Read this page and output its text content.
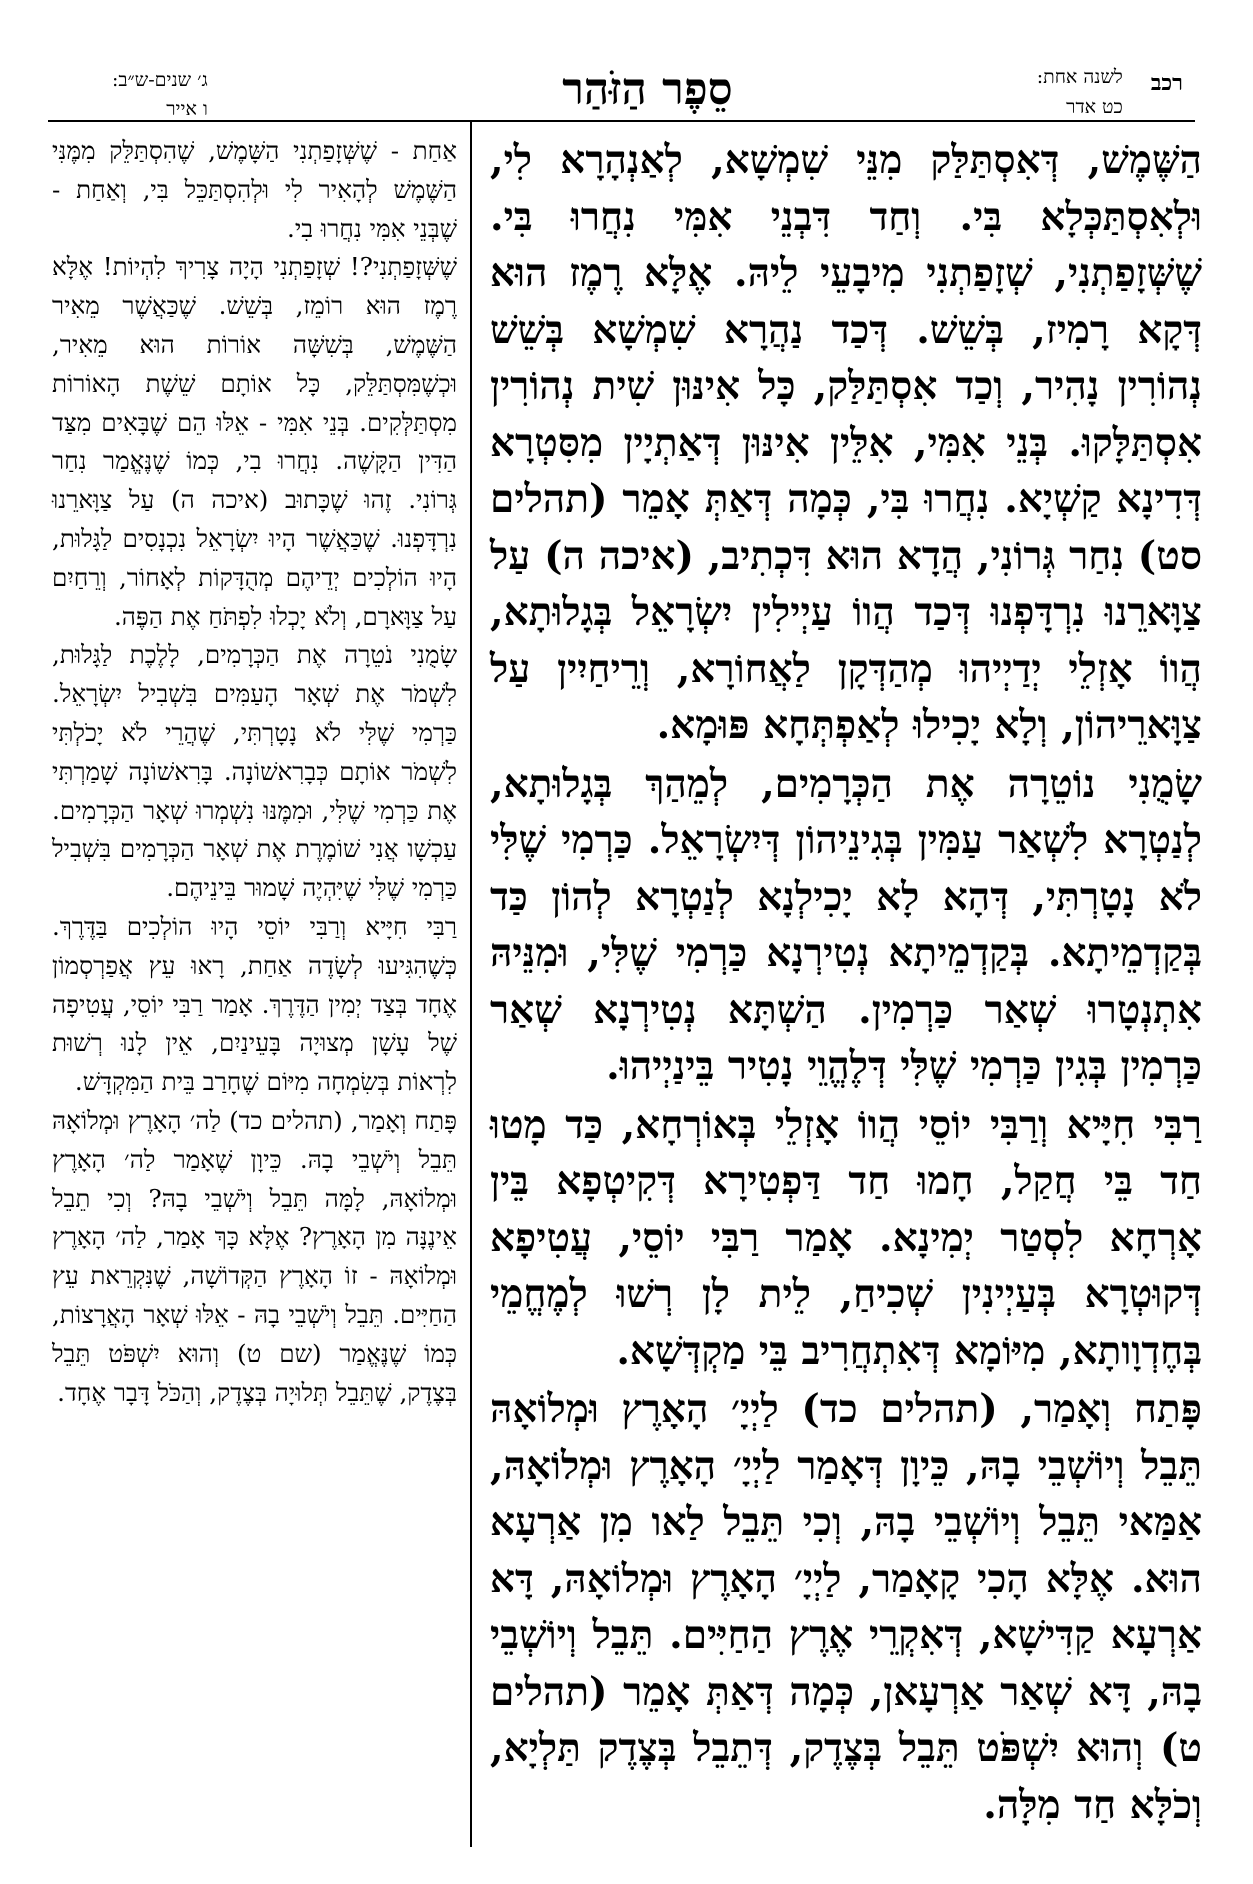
רכב
לשנה אחת:
כט אדר
סֵפֶר הַזֹּהַר
ג׳ שנים-ש״ב:
ו אייר

הַשֶּׁמֶשׁ, דְּאִסְתַּלַּק מִנֵּי שִׁמְשָׁא, לְאַנְהָרָא לִי, וּלְאִסְתַּכְּלָא בִּי. וְחַד דִּבְנֵי אִמִּי נִחֲרוּ בִּי. שֶׁשְּׁזָפַתְנִי, שְׁזָפַתְנִי מִיבָעֵי לֵיהּ. אֶלָּא רֶמֶז הוּא דְּקָא רָמִיז, בְּשֵׁשׁ. דְּכַד נַהֲרָא שִׁמְשָׁא בְּשֵׁשׁ נְהוֹרִין נָהִיר, וְכַד אִסְתַּלַּק, כָּל אִינּוּן שִׁית נְהוֹרִין אִסְתַּלָּקוּ. בְּנֵי אִמִּי, אִלֵּין אִינּוּן דְּאַתְיָין מִסִּטְרָא דְּדִינָא קַשְׁיָא. נִחֲרוּ בִּי, כְּמָה דְּאַתְּ אָמֵר (תהלים סט) נִחַר גְּרוֹנִי, הֲדָא הוּא דִּכְתִיב, (איכה ה) עַל צַוָּארֵנוּ נִרְדָּפְנוּ דְּכַד הֲווֹ עַיְילִין יִשְׂרָאֵל בְּגָלוּתָא, הֲווֹ אָזְלֵי יְדַיְיהוּ מְהַדְּקָן לַאֲחוֹרָא, וְרֵיחַיִין עַל צַוָּארֵיהוֹן, וְלָא יָכִילוּ לְאַפְתְּחָא פּוּמָא.

שָׂמֻנִי נוֹטֵרָה אֶת הַכְּרָמִים, לְמֵהַךְ בְּגָלוּתָא, לְנַטְרָא לִשְׁאַר עַמִּין בְּגִינֵיהוֹן דְּיִשְׂרָאֵל. כַּרְמִי שֶׁלִּי לֹא נָטָרְתִּי, דְּהָא לָא יָכִילְנָא לְנַטְרָא לְהוֹן כַּד בְּקַדְמֵיתָא. בְּקַדְמֵיתָא נְטִירְנָא כַּרְמִי שֶׁלִּי, וּמִנֵּיהּ אִתְנְטָרוּ שְׁאַר כַּרְמִין. הַשְׁתָּא נְטִירְנָא שְׁאַר כַּרְמִין בְּגִין כַּרְמִי שֶׁלִּי דְּלֶהֱוֵי נָטִיר בֵּינַיְיהוּ.

רַבִּי חִיָּיא וְרַבִּי יוֹסֵי הֲווֹ אָזְלֵי בְּאוֹרְחָא, כַּד מָטוּ חַד בֵּי חֲקַל, חָמוּ חַד דַּפְטִירָא דְּקִיטְפָא בֵּין אָרְחָא לִסְטַר יְמִינָא. אָמַר רַבִּי יוֹסֵי, עֲטִיפָא דְּקוּטְרָא בְּעַיְינִין שְׁכִיחַ, לֵית לָן רְשׁוּ לְמֶחֱמֵי בְּחֶדְוָותָא, מִיּוֹמָא דְּאִתְחֲרִיב בֵּי מַקְדְּשָׁא.

פָּתַח וְאָמַר, (תהלים כד) לַיְיָ׳ הָאָרֶץ וּמְלוֹאָהּ תֵּבֵל וְיוֹשְׁבֵי בָהּ, כֵּיוָן דְּאָמַר לַיְיָ׳ הָאָרֶץ וּמְלוֹאָהּ, אַמַּאי תֵּבֵל וְיוֹשְׁבֵי בָהּ, וְכִי תֵּבֵל לַאו מִן אַרְעָא הוּא. אֶלָּא הָכִי קָאָמַר, לַיְיָ׳ הָאָרֶץ וּמְלוֹאָהּ, דָּא אַרְעָא קַדִּישָׁא, דְּאִקְרֵי אֶרֶץ הַחַיִּים. תֵּבֵל וְיוֹשְׁבֵי בָהּ, דָּא שְׁאַר אַרְעָאן, כְּמָה דְּאַתְּ אָמֵר (תהלים ט) וְהוּא יִשְׁפֹּט תֵּבֵל בְּצֶדֶק, דְּתֵבֵל בְּצֶדֶק תַּלְיָא, וְכֹלָּא חַד מִלָּה.

אַחַת - שֶׁשְּׁזָפַתְנִי הַשָּׁמֶשׁ, שֶׁהִסְתַּלֵּק מִמֶּנִּי הַשֶּׁמֶשׁ לְהָאִיר לִי וּלְהִסְתַּכֵּל בִּי, וְאַחַת - שֶׁבְּנֵי אִמִּי נִחֲרוּ בִי.

שֶׁשְּׁזָפַתְנִי?! שְׁזָפַתְנִי הָיָה צָרִיךְ לִהְיוֹת! אֶלָּא רֶמֶז הוּא רוֹמֵז, בְּשֵׁשׁ. שֶׁכַּאֲשֶׁר מֵאִיר הַשֶּׁמֶשׁ, בְּשִׁשָּׁה אוֹרוֹת הוּא מֵאִיר, וּכְשֶׁמִּסְתַּלֵּק, כָּל אוֹתָם שֵׁשֶׁת הָאוֹרוֹת מִסְתַּלְּקִים. בְּנֵי אִמִּי - אֵלּוּ הֵם שֶׁבָּאִים מִצַּד הַדִּין הַקָּשֶׁה. נִחֲרוּ בִי, כְּמוֹ שֶׁנֶּאֱמַר נִחַר גְּרוֹנִי. זֶהוּ שֶׁכָּתוּב (איכה ה) עַל צַוָּארֵנוּ נִרְדָּפְנוּ. שֶׁכַּאֲשֶׁר הָיוּ יִשְׂרָאֵל נִכְנָסִים לַגָּלוּת, הָיוּ הוֹלְכִים יְדֵיהֶם מְהֻדָּקוֹת לְאָחוֹר, וְרֵחַיִם עַל צַוָּארָם, וְלֹא יָכְלוּ לִפְתֹּחַ אֶת הַפֶּה.

שָׂמֻנִי נֹטֵרָה אֶת הַכְּרָמִים, לָלֶכֶת לַגָּלוּת, לִשְׁמֹר אֶת שְׁאָר הָעַמִּים בִּשְׁבִיל יִשְׂרָאֵל. כַּרְמִי שֶׁלִּי לֹא נָטָרְתִּי, שֶׁהֲרֵי לֹא יָכֹלְתִּי לִשְׁמֹר אוֹתָם כְּבָרִאשׁוֹנָה. בָּרִאשׁוֹנָה שָׁמַרְתִּי אֶת כַּרְמִי שֶׁלִּי, וּמִמֶּנּוּ נִשְׁמְרוּ שְׁאָר הַכְּרָמִים. עַכְשָׁו אֲנִי שׁוֹמֶרֶת אֶת שְׁאָר הַכְּרָמִים בִּשְׁבִיל כַּרְמִי שֶׁלִּי שֶׁיִּהְיֶה שָׁמוּר בֵּינֵיהֶם.

רַבִּי חִיָּיא וְרַבִּי יוֹסֵי הָיוּ הוֹלְכִים בַּדֶּרֶךְ. כְּשֶׁהִגִּיעוּ לְשָׂדֶה אַחַת, רָאוּ עֵץ אֲפַרְסְמוֹן אֶחָד בְּצַד יְמִין הַדֶּרֶךְ. אָמַר רַבִּי יוֹסֵי, עֲטִיפָה שֶׁל עָשָׁן מְצוּיָה בָּעֵינַיִם, אֵין לָנוּ רְשׁוּת לִרְאוֹת בְּשִׂמְחָה מִיּוֹם שֶׁחָרַב בֵּית הַמִּקְדָּשׁ.

פָּתַח וְאָמַר, (תהלים כד) לַה׳ הָאָרֶץ וּמְלוֹאָהּ תֵּבֵל וְיֹשְׁבֵי בָהּ. כֵּיוָן שֶׁאָמַר לַה׳ הָאָרֶץ וּמְלוֹאָהּ, לָמָּה תֵּבֵל וְיֹשְׁבֵי בָהּ? וְכִי תֵבֵל אֵינֶנָּה מִן הָאָרֶץ? אֶלָּא כָּךְ אָמַר, לַה׳ הָאָרֶץ וּמְלוֹאָהּ - זוֹ הָאָרֶץ הַקְּדוֹשָׁה, שֶׁנִּקְרֵאת עֵץ הַחַיִּים. תֵּבֵל וְיֹשְׁבֵי בָהּ - אֵלּוּ שְׁאָר הָאֲרָצוֹת, כְּמוֹ שֶׁנֶּאֱמַר (שם ט) וְהוּא יִשְׁפֹּט תֵּבֵל בְּצֶדֶק, שֶׁתֵּבֵל תְּלוּיָה בְּצֶדֶק, וְהַכֹּל דָּבָר אֶחָד.
